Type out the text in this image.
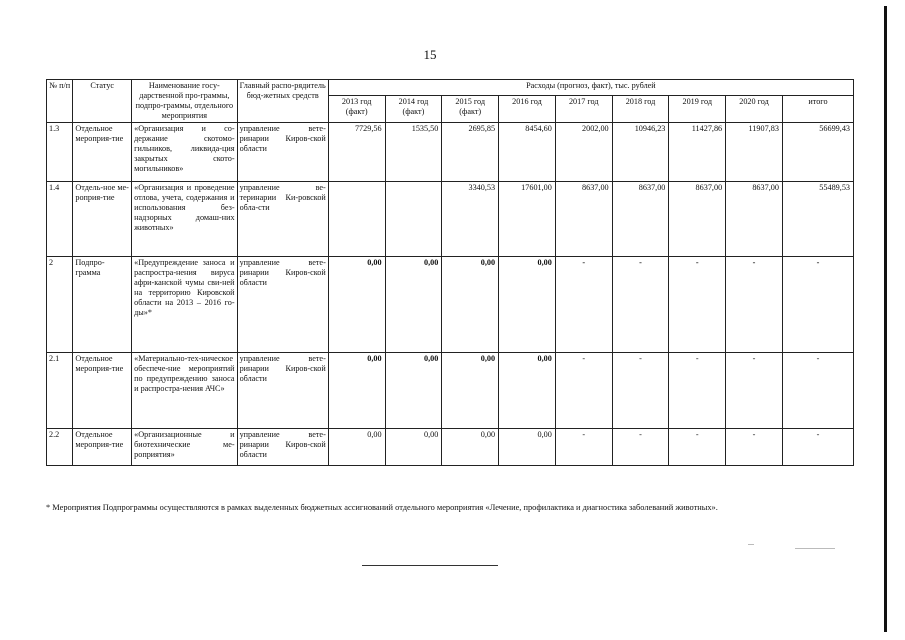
15
№ п/п	Статус	Наименование госу-дарственной про-граммы, подпро-граммы, отдельного мероприятия	Главный распо-рядитель бюд-жетных средств	Расходы (прогноз, факт), тыс. рублей								
				2013 год (факт)	2014 год (факт)	2015 год (факт)	2016 год	2017 год	2018 год	2019 год	2020 год	итого
1.3	Отдельное мероприя-тие	«Организация и со-держание скотомо-гильников, ликвида-ция закрытых ското-могильников»	управление вете-ринарии Киров-ской области	7729,56	1535,50	2695,85	8454,60	2002,00	10946,23	11427,86	11907,83	56699,43
1.4	Отдель-ное ме-роприя-тие	«Организация и проведение отлова, учета, содержания и использования без-надзорных домаш-них животных»	управление ве-теринарии Ки-ровской обла-сти			3340,53	17601,00	8637,00	8637,00	8637,00	8637,00	55489,53
2	Подпро-грамма	«Предупреждение заноса и распростра-нения вируса афри-канской чумы сви-ней на территорию Кировской области на 2013 – 2016 го-ды»*	управление вете-ринарии Киров-ской области	0,00	0,00	0,00	0,00	-	-	-	-	-
2.1	Отдельное мероприя-тие	«Материально-тех-ническое обеспече-ние мероприятий по предупреждению заноса и распростра-нения АЧС»	управление вете-ринарии Киров-ской области	0,00	0,00	0,00	0,00	-	-	-	-	-
2.2	Отдельное мероприя-тие	«Организационные и биотехнические ме-роприятия»	управление вете-ринарии Киров-ской области	0,00	0,00	0,00	0,00	-	-	-	-	-
* Мероприятия Подпрограммы осуществляются в рамках выделенных бюджетных ассигнований отдельного мероприятия «Лечение, профилактика и диагностика заболеваний животных».
